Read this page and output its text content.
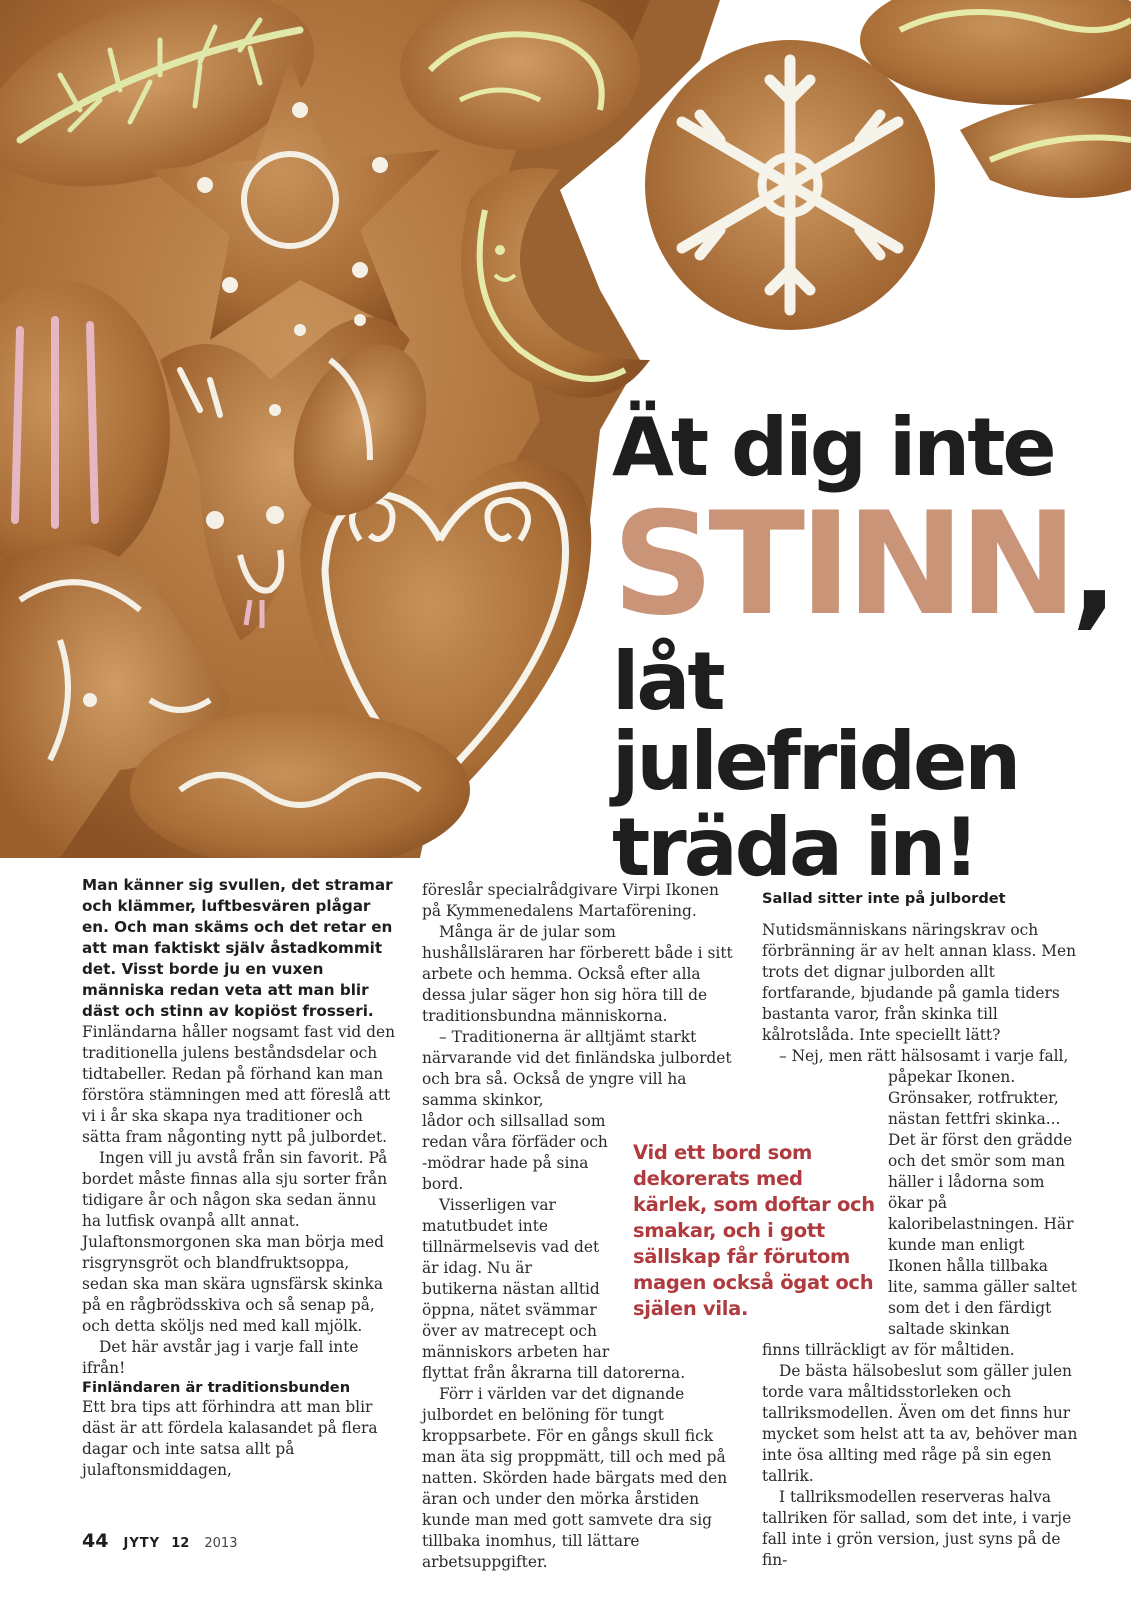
Ät dig inte
STINN,
låt julefriden
träda in!

Man känner sig svullen, det stramar och klämmer, luftbesvären plågar en. Och man skäms och det retar en att man faktiskt själv åstadkommit det. Visst borde ju en vuxen människa redan veta att man blir däst och stinn av kopiöst frosseri.

Finländarna håller nogsamt fast vid den traditionella julens beståndsdelar och tidtabeller. Redan på förhand kan man förstöra stämningen med att föreslå att vi i år ska skapa nya traditioner och sätta fram någonting nytt på julbordet.

Ingen vill ju avstå från sin favorit. På bordet måste finnas alla sju sorter från tidigare år och någon ska sedan ännu ha lutfisk ovanpå allt annat. Julaftonsmorgonen ska man börja med risgrynsgröt och blandfruktsoppa, sedan ska man skära ugnsfärsk skinka på en rågbrödsskiva och så senap på, och detta sköljs ned med kall mjölk.

Det här avstår jag i varje fall inte ifrån!

Finländaren är traditionsbunden

Ett bra tips att förhindra att man blir däst är att fördela kalasandet på flera dagar och inte satsa allt på julaftonsmiddagen,

föreslår specialrådgivare Virpi Ikonen på Kymmenedalens Martaförening.

Många är de jular som hushållsläraren har förberett både i sitt arbete och hemma. Också efter alla dessa jular säger hon sig höra till de traditionsbundna människorna.

– Traditionerna är alltjämt starkt närvarande vid det finländska julbordet och bra så. Också de yngre vill ha samma skinkor,

lådor och sillsallad som redan våra förfäder och -mödrar hade på sina bord.

Visserligen var matutbudet inte tillnärmelsevis vad det är idag. Nu är butikerna nästan alltid öppna, nätet svämmar över av matrecept och människors arbeten har

flyttat från åkrarna till datorerna.

Förr i världen var det dignande julbordet en belöning för tungt kroppsarbete. För en gångs skull fick man äta sig proppmätt, till och med på natten. Skörden hade bärgats med den äran och under den mörka årstiden kunde man med gott samvete dra sig tillbaka inomhus, till lättare arbetsuppgifter.

Vid ett bord som dekorerats med kärlek, som doftar och smakar, och i gott sällskap får förutom magen också ögat och själen vila.

Sallad sitter inte på julbordet

Nutidsmänniskans näringskrav och förbränning är av helt annan klass. Men trots det dignar julborden allt fortfarande, bjudande på gamla tiders bastanta varor, från skinka till kålrotslåda. Inte speciellt lätt?

– Nej, men rätt hälsosamt i varje fall,

påpekar Ikonen. Grönsaker, rotfrukter, nästan fettfri skinka... Det är först den grädde och det smör som man häller i lådorna som ökar på kaloribelastningen. Här kunde man enligt Ikonen hålla tillbaka lite, samma gäller saltet som det i den färdigt saltade skinkan

finns tillräckligt av för måltiden.

De bästa hälsobeslut som gäller julen torde vara måltidsstorleken och tallriksmodellen. Även om det finns hur mycket som helst att ta av, behöver man inte ösa allting med råge på sin egen tallrik.

I tallriksmodellen reserveras halva tallriken för sallad, som det inte, i varje fall inte i grön version, just syns på de fin-

44 JYTY 12 2013
